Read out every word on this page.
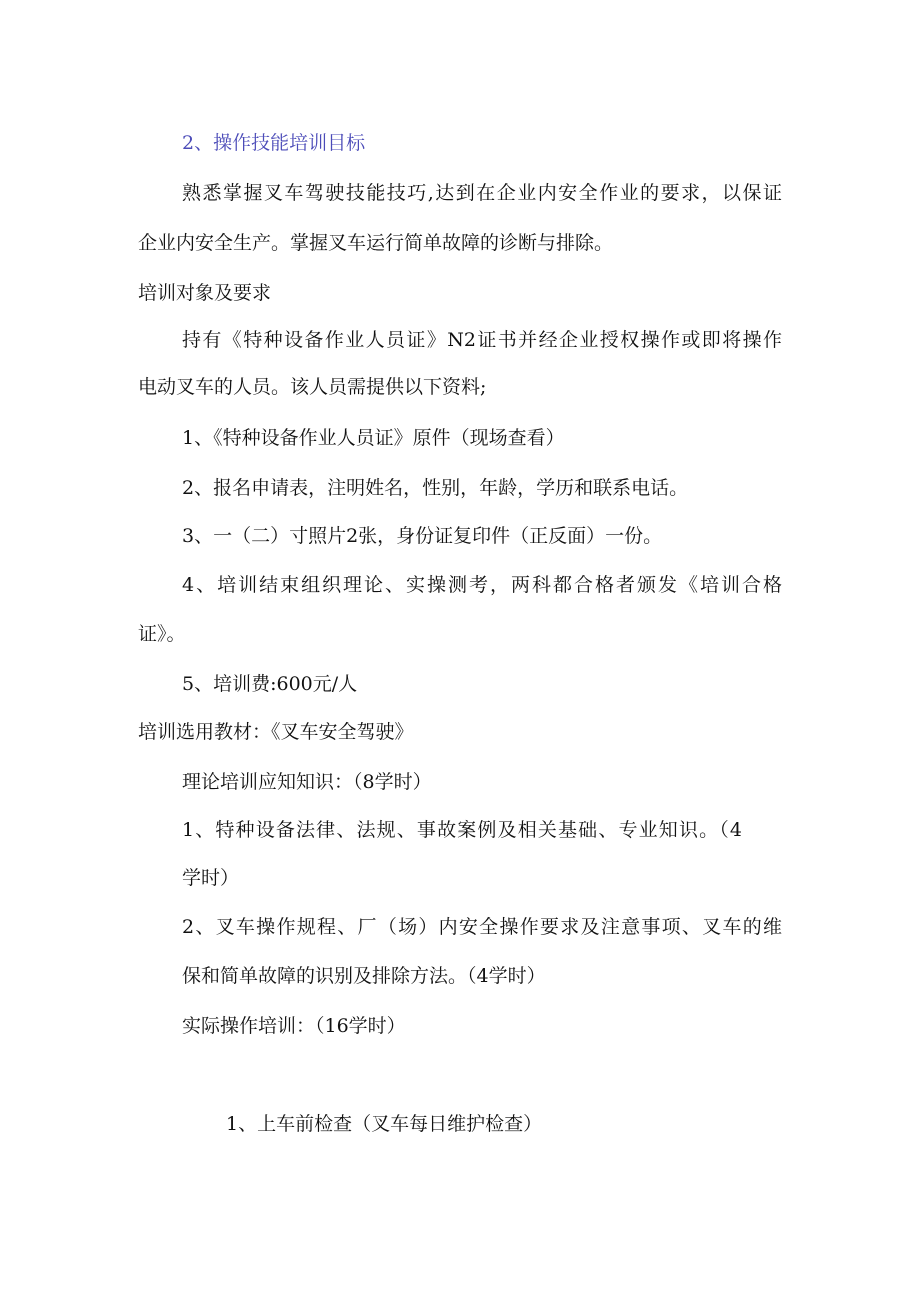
2、操作技能培训目标
熟悉掌握叉车驾驶技能技巧,达到在企业内安全作业的要求，以保证
企业内安全生产。掌握叉车运行简单故障的诊断与排除。
培训对象及要求
持有《特种设备作业人员证》N2证书并经企业授权操作或即将操作
电动叉车的人员。该人员需提供以下资料;
1、《特种设备作业人员证》原件（现场查看）
2、报名申请表，注明姓名，性别，年龄，学历和联系电话。
3、一（二）寸照片2张，身份证复印件（正反面）一份。
4、培训结束组织理论、实操测考，两科都合格者颁发《培训合格
证》。
5、培训费:600元/人
培训选用教材：《叉车安全驾驶》
理论培训应知知识：（8学时）
1、特种设备法律、法规、事故案例及相关基础、专业知识。（4
学时）
2、叉车操作规程、厂（场）内安全操作要求及注意事项、叉车的维
保和简单故障的识别及排除方法。（4学时）
实际操作培训：（16学时）
1、上车前检查（叉车每日维护检查）
